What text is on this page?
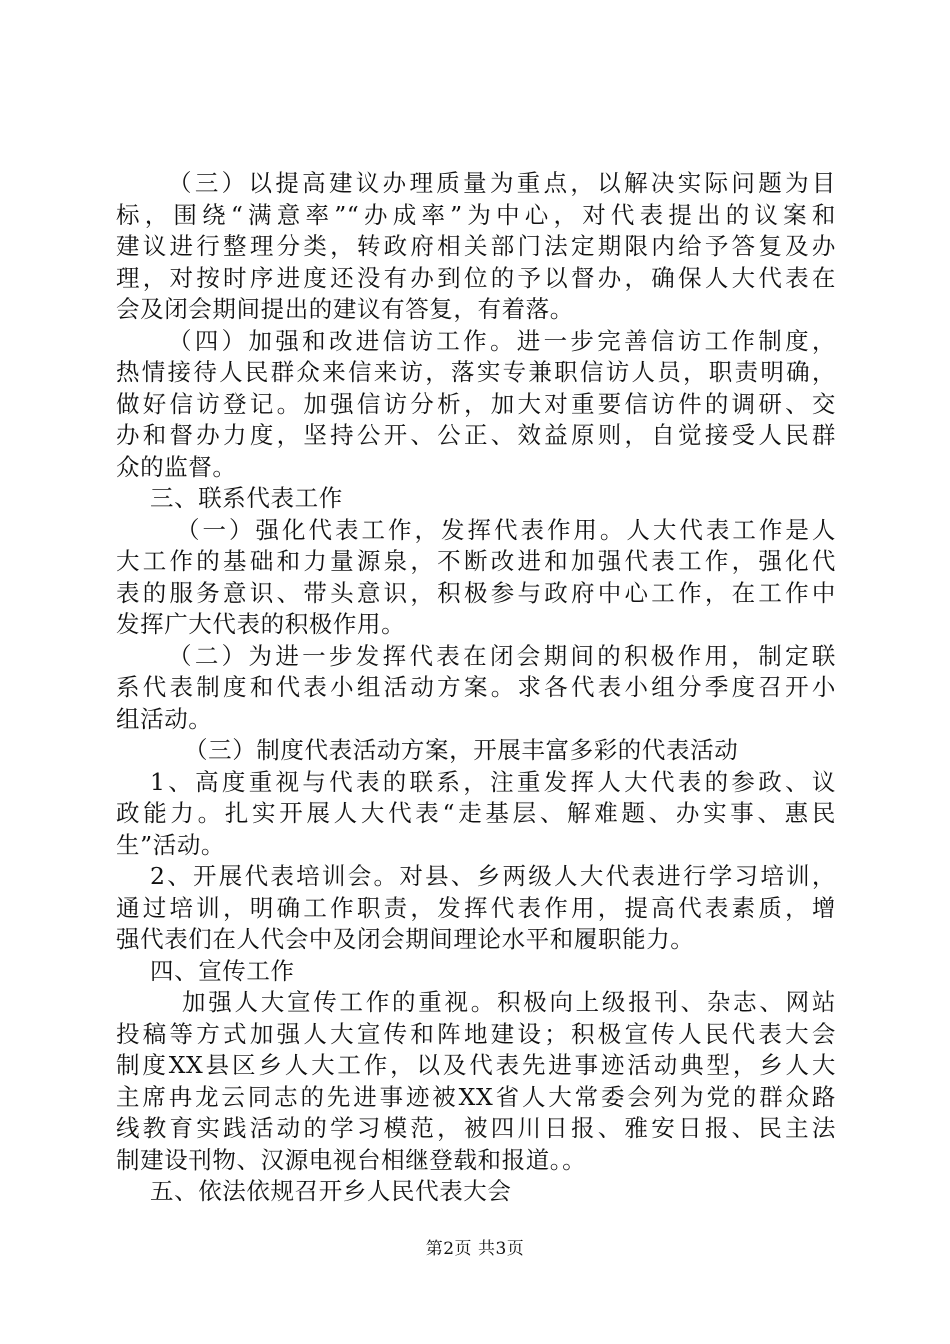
（三）以提高建议办理质量为重点，以解决实际问题为目
标，围绕“满意率”“办成率”为中心，对代表提出的议案和
建议进行整理分类，转政府相关部门法定期限内给予答复及办
理，对按时序进度还没有办到位的予以督办，确保人大代表在
会及闭会期间提出的建议有答复，有着落。
（四）加强和改进信访工作。进一步完善信访工作制度，
热情接待人民群众来信来访，落实专兼职信访人员，职责明确，
做好信访登记。加强信访分析，加大对重要信访件的调研、交
办和督办力度，坚持公开、公正、效益原则，自觉接受人民群
众的监督。
三、联系代表工作
（一）强化代表工作，发挥代表作用。人大代表工作是人
大工作的基础和力量源泉，不断改进和加强代表工作，强化代
表的服务意识、带头意识，积极参与政府中心工作，在工作中
发挥广大代表的积极作用。
（二）为进一步发挥代表在闭会期间的积极作用，制定联
系代表制度和代表小组活动方案。求各代表小组分季度召开小
组活动。
（三）制度代表活动方案，开展丰富多彩的代表活动
1、高度重视与代表的联系，注重发挥人大代表的参政、议
政能力。扎实开展人大代表“走基层、解难题、办实事、惠民
生”活动。
2、开展代表培训会。对县、乡两级人大代表进行学习培训，
通过培训，明确工作职责，发挥代表作用，提高代表素质，增
强代表们在人代会中及闭会期间理论水平和履职能力。
四、宣传工作
加强人大宣传工作的重视。积极向上级报刊、杂志、网站
投稿等方式加强人大宣传和阵地建设；积极宣传人民代表大会
制度XX县区乡人大工作，以及代表先进事迹活动典型，乡人大
第2页 共3页
主席冉龙云同志的先进事迹被XX省人大常委会列为党的群众路
线教育实践活动的学习模范，被四川日报、雅安日报、民主法
制建设刊物、汉源电视台相继登载和报道。。
五、依法依规召开乡人民代表大会
